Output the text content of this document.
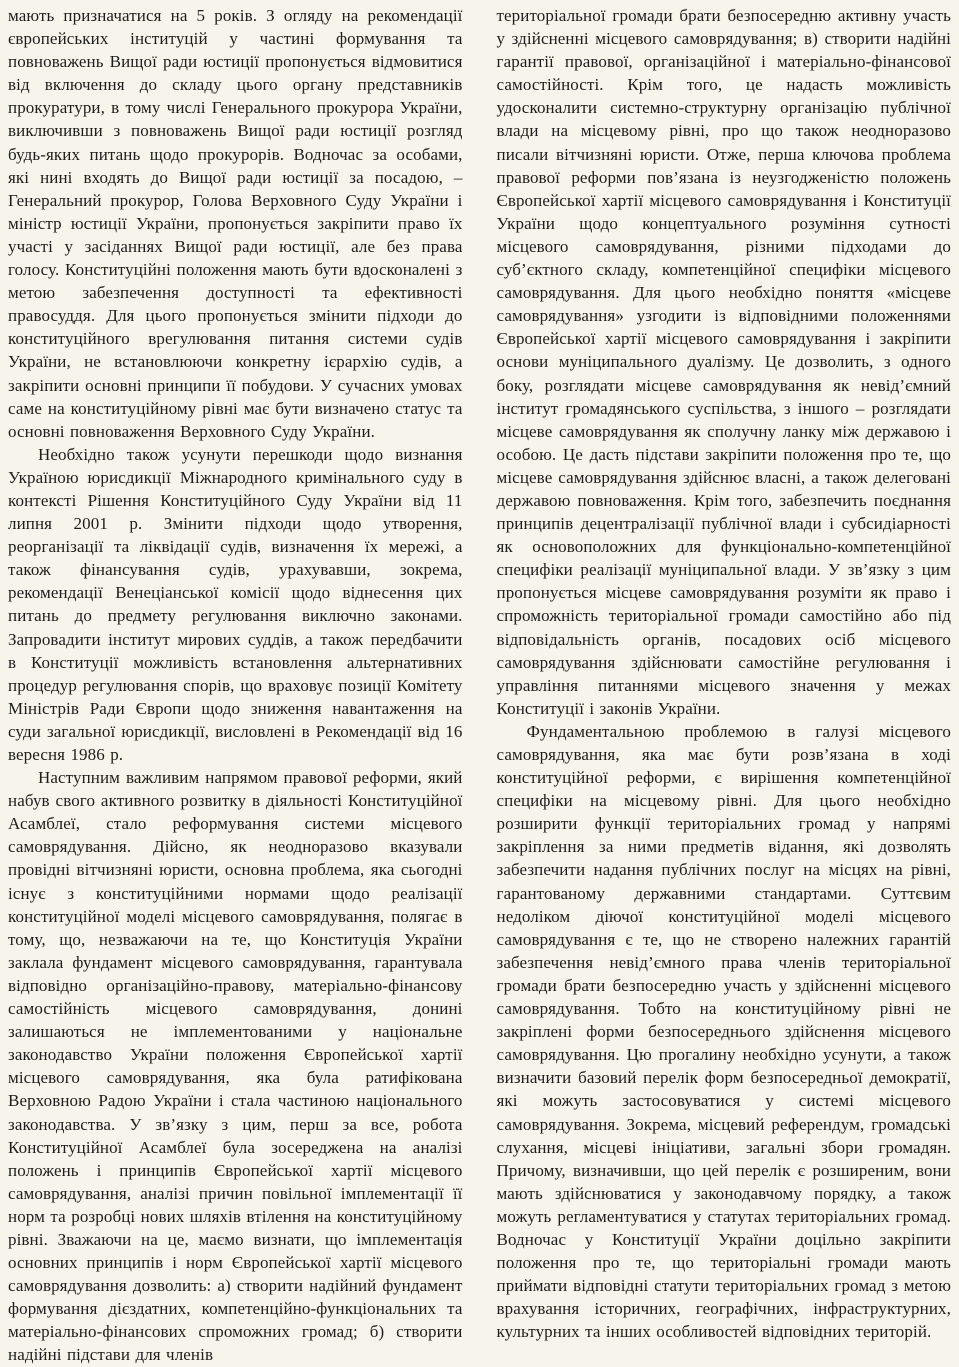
мають призначатися на 5 років. З огляду на рекомендації європейських інституцій у частині формування та повноважень Вищої ради юстиції пропонується відмовитися від включення до складу цього органу представників прокуратури, в тому числі Генерального прокурора України, виключивши з повноважень Вищої ради юстиції розгляд будь-яких питань щодо прокурорів. Водночас за особами, які нині входять до Вищої ради юстиції за посадою, – Генеральний прокурор, Голова Верховного Суду України і міністр юстиції України, пропонується закріпити право їх участі у засіданнях Вищої ради юстиції, але без права голосу. Конституційні положення мають бути вдосконалені з метою забезпечення доступності та ефективності правосуддя. Для цього пропонується змінити підходи до конституційного врегулювання питання системи судів України, не встановлюючи конкретну ієрархію судів, а закріпити основні принципи її побудови. У сучасних умовах саме на конституційному рівні має бути визначено статус та основні повноваження Верховного Суду України.

Необхідно також усунути перешкоди щодо визнання Україною юрисдикції Міжнародного кримінального суду в контексті Рішення Конституційного Суду України від 11 липня 2001 р. Змінити підходи щодо утворення, реорганізації та ліквідації судів, визначення їх мережі, а також фінансування судів, урахувавши, зокрема, рекомендації Венеціанської комісії щодо віднесення цих питань до предмету регулювання виключно законами. Запровадити інститут мирових суддів, а також передбачити в Конституції можливість встановлення альтернативних процедур регулювання спорів, що враховує позиції Комітету Міністрів Ради Європи щодо зниження навантаження на суди загальної юрисдикції, висловлені в Рекомендації від 16 вересня 1986 р.

Наступним важливим напрямом правової реформи, який набув свого активного розвитку в діяльності Конституційної Асамблеї, стало реформування системи місцевого самоврядування. Дійсно, як неодноразово вказували провідні вітчизняні юристи, основна проблема, яка сьогодні існує з конституційними нормами щодо реалізації конституційної моделі місцевого самоврядування, полягає в тому, що, незважаючи на те, що Конституція України заклала фундамент місцевого самоврядування, гарантувала відповідно організаційно-правову, матеріально-фінансову самостійність місцевого самоврядування, донині залишаються не імплементованими у національне законодавство України положення Європейської хартії місцевого самоврядування, яка була ратифікована Верховною Радою України і стала частиною національного законодавства. У зв’язку з цим, перш за все, робота Конституційної Асамблеї була зосереджена на аналізі положень і принципів Європейської хартії місцевого самоврядування, аналізі причин повільної імплементації її норм та розробці нових шляхів втілення на конституційному рівні. Зважаючи на це, маємо визнати, що імплементація основних принципів і норм Європейської хартії місцевого самоврядування дозволить: а) створити надійний фундамент формування дієздатних, компетенційно-функціональних та матеріально-фінансових спроможних громад; б) створити надійні підстави для членів

територіальної громади брати безпосередню активну участь у здійсненні місцевого самоврядування; в) створити надійні гарантії правової, організаційної і матеріально-фінансової самостійності. Крім того, це надасть можливість удосконалити системно-структурну організацію публічної влади на місцевому рівні, про що також неодноразово писали вітчизняні юристи. Отже, перша ключова проблема правової реформи пов’язана із неузгодженістю положень Європейської хартії місцевого самоврядування і Конституції України щодо концептуального розуміння сутності місцевого самоврядування, різними підходами до суб’єктного складу, компетенційної специфіки місцевого самоврядування. Для цього необхідно поняття «місцеве самоврядування» узгодити із відповідними положеннями Європейської хартії місцевого самоврядування і закріпити основи муніципального дуалізму. Це дозволить, з одного боку, розглядати місцеве самоврядування як невід’ємний інститут громадянського суспільства, з іншого – розглядати місцеве самоврядування як сполучну ланку між державою і особою. Це дасть підстави закріпити положення про те, що місцеве самоврядування здійснює власні, а також делеговані державою повноваження. Крім того, забезпечить поєднання принципів децентралізації публічної влади і субсидіарності як основоположних для функціонально-компетенційної специфіки реалізації муніципальної влади. У зв’язку з цим пропонується місцеве самоврядування розуміти як право і спроможність територіальної громади самостійно або під відповідальність органів, посадових осіб місцевого самоврядування здійснювати самостійне регулювання і управління питаннями місцевого значення у межах Конституції і законів України.

Фундаментальною проблемою в галузі місцевого самоврядування, яка має бути розв’язана в ході конституційної реформи, є вирішення компетенційної специфіки на місцевому рівні. Для цього необхідно розширити функції територіальних громад у напрямі закріплення за ними предметів відання, які дозволять забезпечити надання публічних послуг на місцях на рівні, гарантованому державними стандартами. Суттєвим недоліком діючої конституційної моделі місцевого самоврядування є те, що не створено належних гарантій забезпечення невід’ємного права членів територіальної громади брати безпосередню участь у здійсненні місцевого самоврядування. Тобто на конституційному рівні не закріплені форми безпосереднього здійснення місцевого самоврядування. Цю прогалину необхідно усунути, а також визначити базовий перелік форм безпосередньої демократії, які можуть застосовуватися у системі місцевого самоврядування. Зокрема, місцевий референдум, громадські слухання, місцеві ініціативи, загальні збори громадян. Причому, визначивши, що цей перелік є розширеним, вони мають здійснюватися у законодавчому порядку, а також можуть регламентуватися у статутах територіальних громад. Водночас у Конституції України доцільно закріпити положення про те, що територіальні громади мають приймати відповідні статути територіальних громад з метою врахування історичних, географічних, інфраструктурних, культурних та інших особливостей відповідних територій.
